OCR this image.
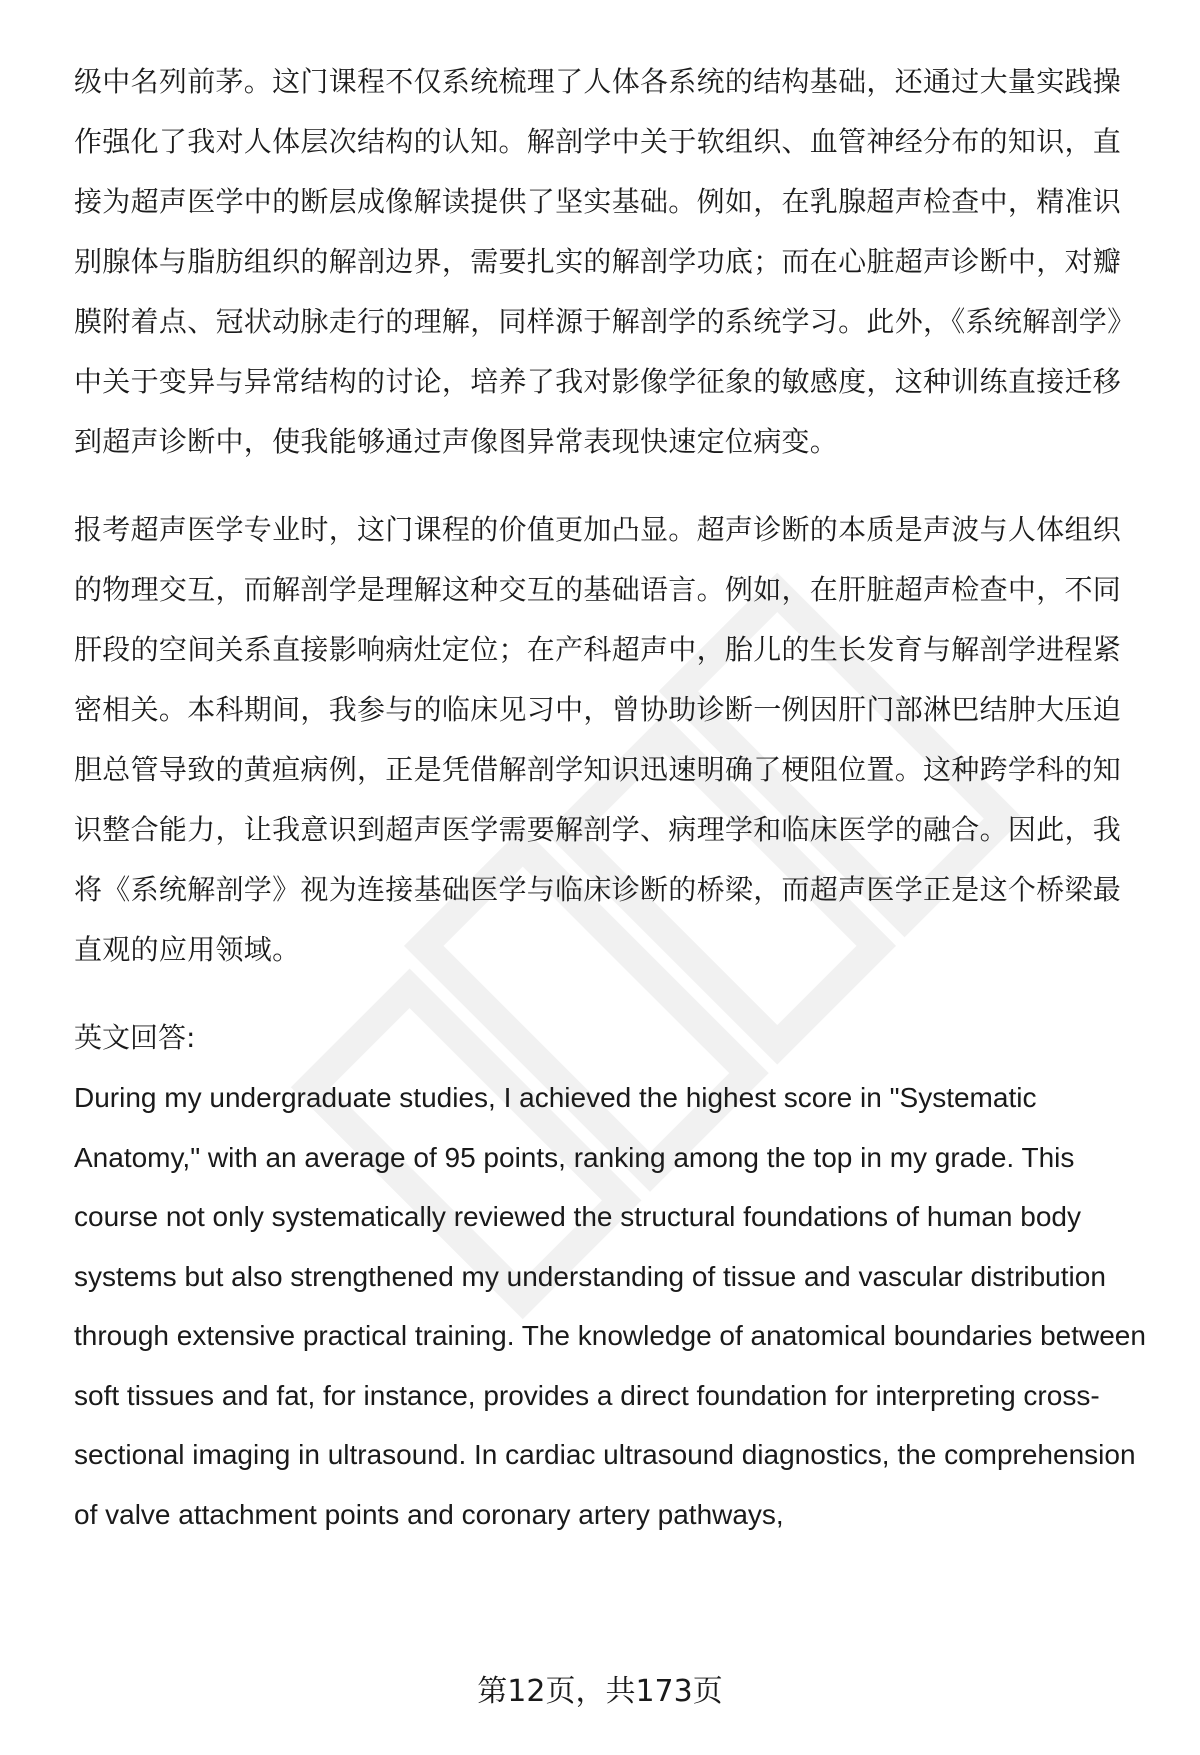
级中名列前茅。这门课程不仅系统梳理了人体各系统的结构基础，还通过大量实践操作强化了我对人体层次结构的认知。解剖学中关于软组织、血管神经分布的知识，直接为超声医学中的断层成像解读提供了坚实基础。例如，在乳腺超声检查中，精准识别腺体与脂肪组织的解剖边界，需要扎实的解剖学功底；而在心脏超声诊断中，对瓣膜附着点、冠状动脉走行的理解，同样源于解剖学的系统学习。此外，《系统解剖学》中关于变异与异常结构的讨论，培养了我对影像学征象的敏感度，这种训练直接迁移到超声诊断中，使我能够通过声像图异常表现快速定位病变。

报考超声医学专业时，这门课程的价值更加凸显。超声诊断的本质是声波与人体组织的物理交互，而解剖学是理解这种交互的基础语言。例如，在肝脏超声检查中，不同肝段的空间关系直接影响病灶定位；在产科超声中，胎儿的生长发育与解剖学进程紧密相关。本科期间，我参与的临床见习中，曾协助诊断一例因肝门部淋巴结肿大压迫胆总管导致的黄疸病例，正是凭借解剖学知识迅速明确了梗阻位置。这种跨学科的知识整合能力，让我意识到超声医学需要解剖学、病理学和临床医学的融合。因此，我将《系统解剖学》视为连接基础医学与临床诊断的桥梁，而超声医学正是这个桥梁最直观的应用领域。

英文回答:

During my undergraduate studies, I achieved the highest score in "Systematic Anatomy," with an average of 95 points, ranking among the top in my grade. This course not only systematically reviewed the structural foundations of human body systems but also strengthened my understanding of tissue and vascular distribution through extensive practical training. The knowledge of anatomical boundaries between soft tissues and fat, for instance, provides a direct foundation for interpreting cross-sectional imaging in ultrasound. In cardiac ultrasound diagnostics, the comprehension of valve attachment points and coronary artery pathways,

第12页，共173页
